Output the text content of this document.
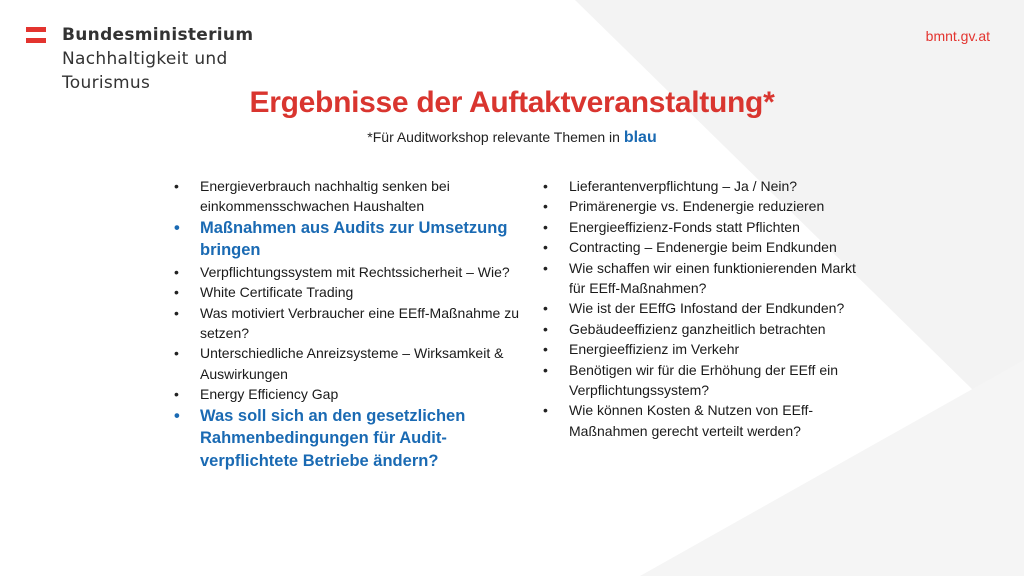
Bundesministerium
Nachhaltigkeit und
Tourismus
bmnt.gv.at
Ergebnisse der Auftaktveranstaltung*
*Für Auditworkshop relevante Themen in blau
• Energieverbrauch nachhaltig senken bei einkommensschwachen Haushalten
• Maßnahmen aus Audits zur Umsetzung bringen
• Verpflichtungssystem mit Rechtssicherheit – Wie?
• White Certificate Trading
• Was motiviert Verbraucher eine EEff-Maßnahme zu setzen?
• Unterschiedliche Anreizsysteme – Wirksamkeit & Auswirkungen
• Energy Efficiency Gap
• Was soll sich an den gesetzlichen Rahmenbedingungen für Audit-verpflichtete Betriebe ändern?
• Lieferantenverpflichtung – Ja / Nein?
• Primärenergie vs. Endenergie reduzieren
• Energieeffizienz-Fonds statt Pflichten
• Contracting – Endenergie beim Endkunden
• Wie schaffen wir einen funktionierenden Markt für EEff-Maßnahmen?
• Wie ist der EEffG Infostand der Endkunden?
• Gebäudeeffizienz ganzheitlich betrachten
• Energieeffizienz im Verkehr
• Benötigen wir für die Erhöhung der EEff ein Verpflichtungssystem?
• Wie können Kosten & Nutzen von EEff-Maßnahmen gerecht verteilt werden?
